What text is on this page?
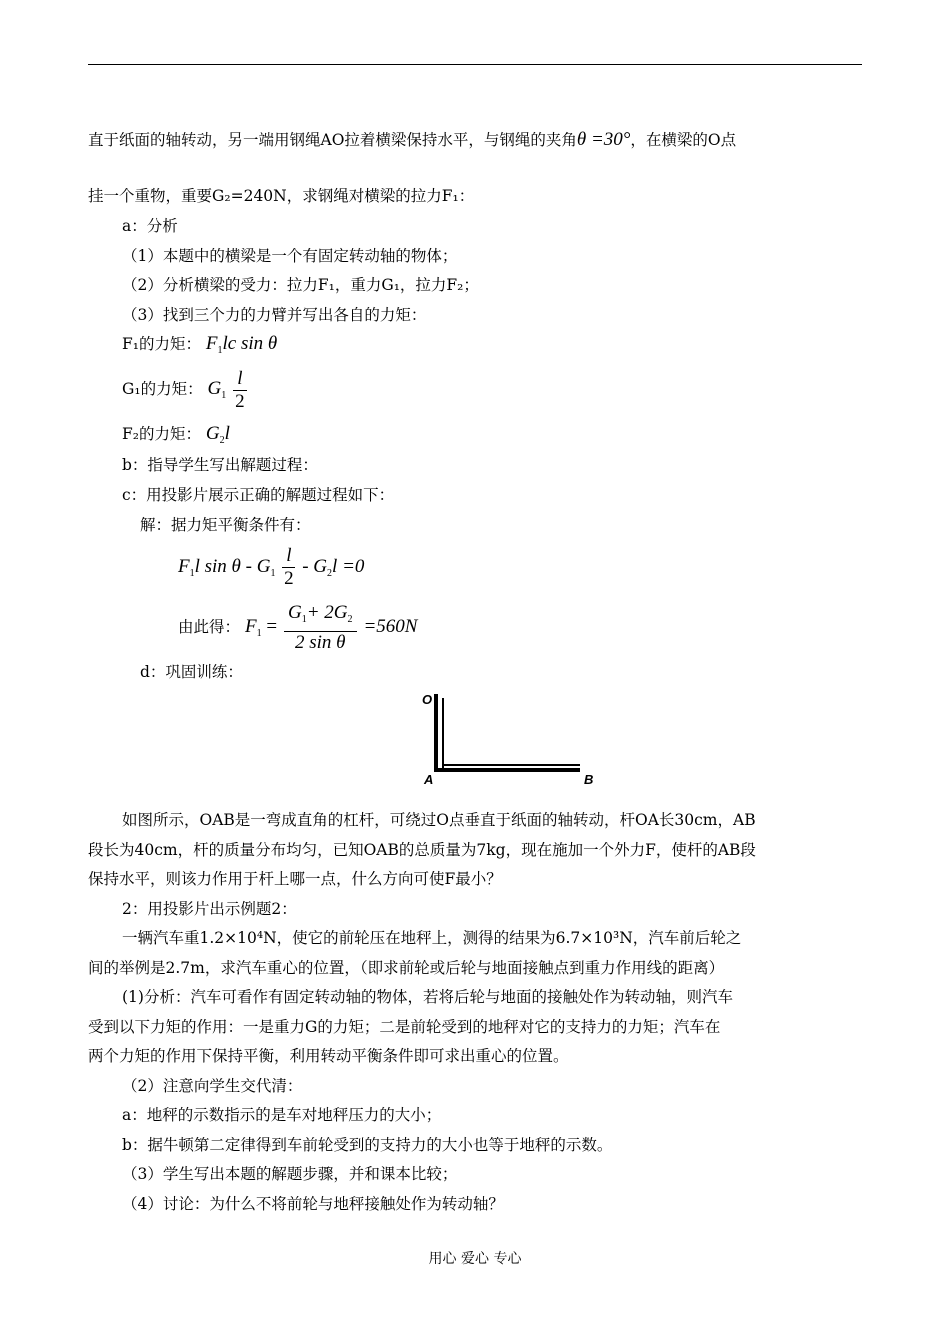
直于纸面的轴转动，另一端用钢绳AO拉着横梁保持水平，与钢绳的夹角θ =30°，在横梁的O点
挂一个重物，重要G₂=240N，求钢绳对横梁的拉力F₁：
a：分析
（1）本题中的横梁是一个有固定转动轴的物体；
（2）分析横梁的受力：拉力F₁，重力G₁，拉力F₂；
（3）找到三个力的力臂并写出各自的力矩：
F₁的力矩： $F_1lc$ sin θ
G₁的力矩： $G_1 \frac{l}{2}$
F₂的力矩： $G_2l$
b：指导学生写出解题过程：
c：用投影片展示正确的解题过程如下：
解：据力矩平衡条件有：
$F_1l$ $\sin \theta - G_1 \frac{l}{2} - G_2l =0$
由此得： $F_1 = \frac{G_1+ 2G_2}{\text{2 sin θ}} =560N$
d：巩固训练：
O
A	B
如图所示，OAB是一弯成直角的杠杆，可绕过O点垂直于纸面的轴转动，杆OA长30cm，AB
段长为40cm，杆的质量分布均匀，已知OAB的总质量为7kg，现在施加一个外力F，使杆的AB段
保持水平，则该力作用于杆上哪一点，什么方向可使F最小？
2：用投影片出示例题2：
一辆汽车重1.2×10⁴N，使它的前轮压在地秤上，测得的结果为6.7×10³N，汽车前后轮之
间的举例是2.7m，求汽车重心的位置，（即求前轮或后轮与地面接触点到重力作用线的距离）
(1)分析：汽车可看作有固定转动轴的物体，若将后轮与地面的接触处作为转动轴，则汽车
受到以下力矩的作用：一是重力G的力矩；二是前轮受到的地秤对它的支持力的力矩；汽车在
两个力矩的作用下保持平衡，利用转动平衡条件即可求出重心的位置。
（2）注意向学生交代清：
a：地秤的示数指示的是车对地秤压力的大小；
b：据牛顿第二定律得到车前轮受到的支持力的大小也等于地秤的示数。
（3）学生写出本题的解题步骤，并和课本比较；
（4）讨论：为什么不将前轮与地秤接触处作为转动轴？
用心 爱心 专心
